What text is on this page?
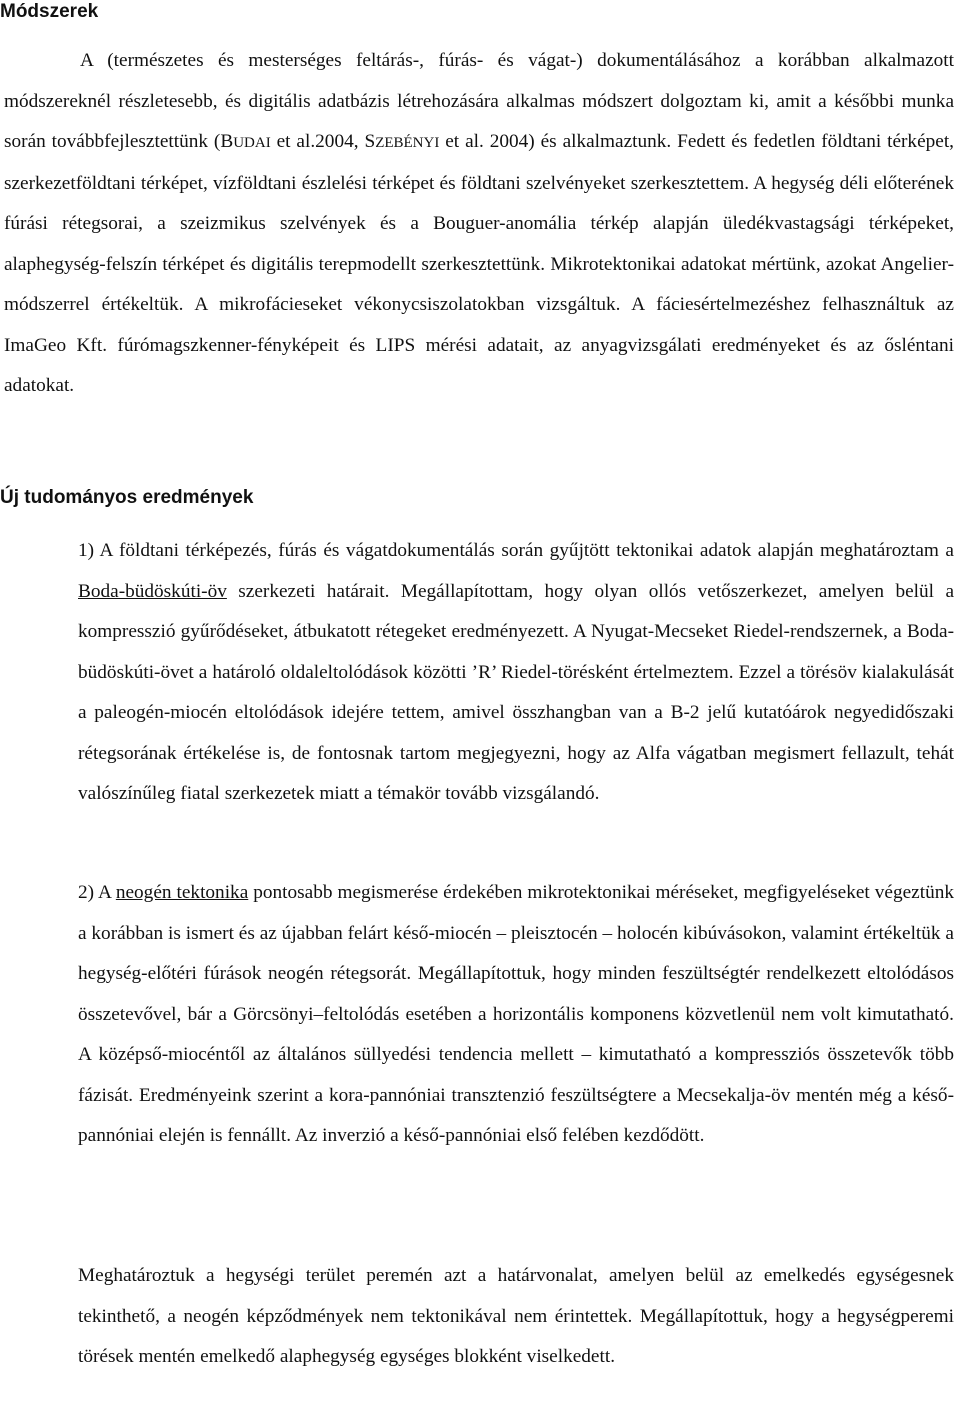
Módszerek

A (természetes és mesterséges feltárás-, fúrás- és vágat-) dokumentálásához a korábban alkalmazott módszereknél részletesebb, és digitális adatbázis létrehozására alkalmas módszert dolgoztam ki, amit a későbbi munka során továbbfejlesztettünk (BUDAI et al.2004, SZEBÉNYI et al. 2004) és alkalmaztunk. Fedett és fedetlen földtani térképet, szerkezetföldtani térképet, vízföldtani észlelési térképet és földtani szelvényeket szerkesztettem. A hegység déli előterének fúrási rétegsorai, a szeizmikus szelvények és a Bouguer-anomália térkép alapján üledékvastagsági térképeket, alaphegység-felszín térképet és digitális terepmodellt szerkesztettünk. Mikrotektonikai adatokat mértünk, azokat Angelier-módszerrel értékeltük. A mikrofácieseket vékonycsiszolatokban vizsgáltuk. A fáciesértelmezéshez felhasználtuk az ImaGeo Kft. fúrómagszkenner-fényképeit és LIPS mérési adatait, az anyagvizsgálati eredményeket és az ősléntani adatokat.

Új tudományos eredmények

1) A földtani térképezés, fúrás és vágatdokumentálás során gyűjtött tektonikai adatok alapján meghatároztam a Boda-büdöskúti-öv szerkezeti határait. Megállapítottam, hogy olyan ollós vetőszerkezet, amelyen belül a kompresszió gyűrődéseket, átbukatott rétegeket eredményezett. A Nyugat-Mecseket Riedel-rendszernek, a Boda-büdöskúti-övet a határoló oldaleltolódások közötti ’R’ Riedel-törésként értelmeztem. Ezzel a törésöv kialakulását a paleogén-miocén eltolódások idejére tettem, amivel összhangban van a B-2 jelű kutatóárok negyedidőszaki rétegsorának értékelése is, de fontosnak tartom megjegyezni, hogy az Alfa vágatban megismert fellazult, tehát valószínűleg fiatal szerkezetek miatt a témakör tovább vizsgálandó.

2) A neogén tektonika pontosabb megismerése érdekében mikrotektonikai méréseket, megfigyeléseket végeztünk a korábban is ismert és az újabban felárt késő-miocén – pleisztocén – holocén kibúvásokon, valamint értékeltük a hegység-előtéri fúrások neogén rétegsorát. Megállapítottuk, hogy minden feszültségtér rendelkezett eltolódásos összetevővel, bár a Görcsönyi–feltolódás esetében a horizontális komponens közvetlenül nem volt kimutatható. A középső-miocéntől az általános süllyedési tendencia mellett – kimutatható a kompressziós összetevők több fázisát. Eredményeink szerint a kora-pannóniai transztenzió feszültségtere a Mecsekalja-öv mentén még a késő-pannóniai elején is fennállt. Az inverzió a késő-pannóniai első felében kezdődött.

Meghatároztuk a hegységi terület peremén azt a határvonalat, amelyen belül az emelkedés egységesnek tekinthető, a neogén képződmények nem tektonikával nem érintettek. Megállapítottuk, hogy a hegységperemi törések mentén emelkedő alaphegység egységes blokként viselkedett.
